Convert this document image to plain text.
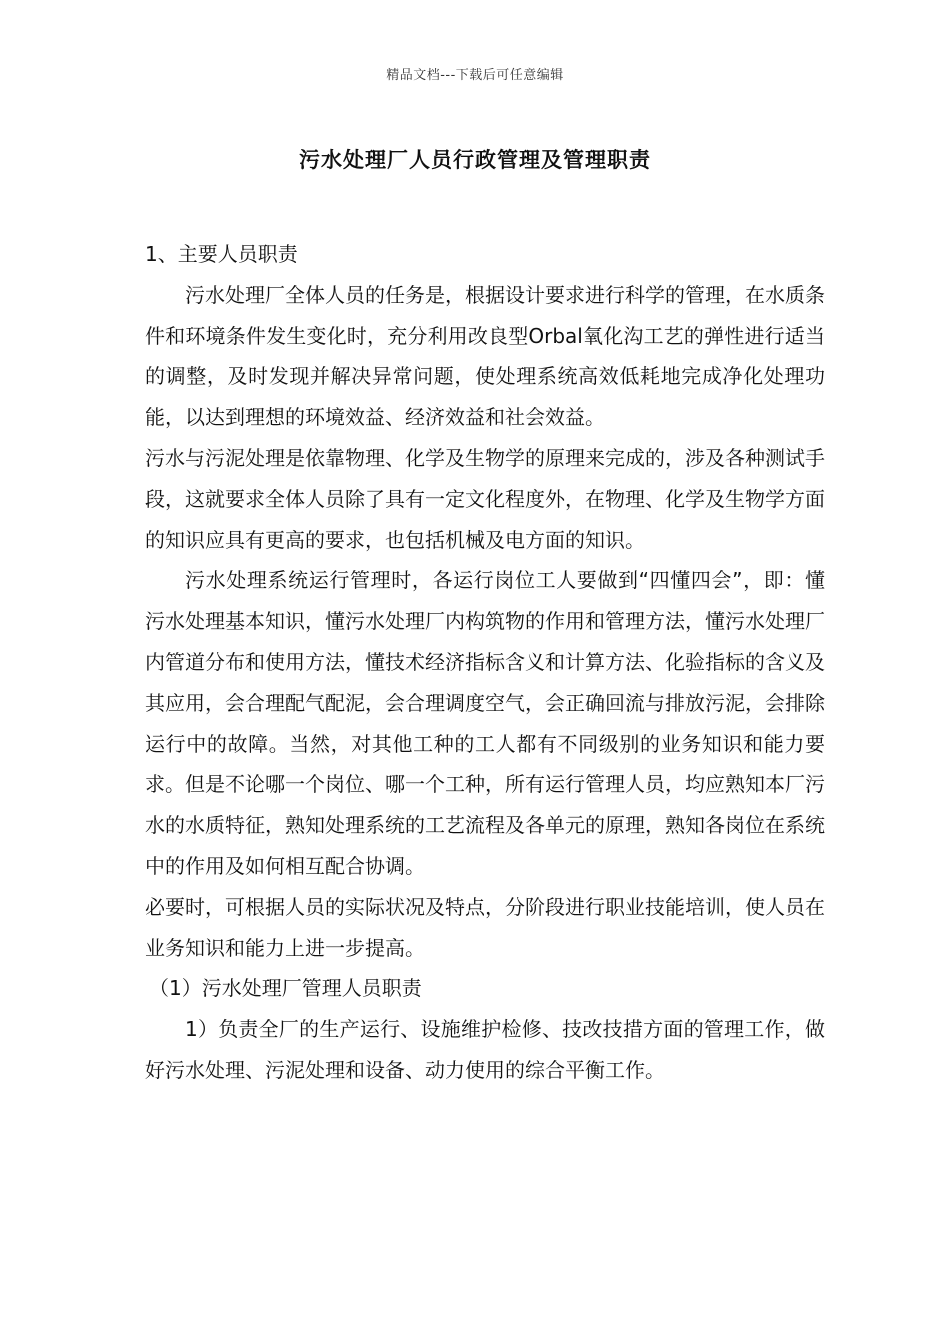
精品文档---下载后可任意编辑
污水处理厂人员行政管理及管理职责

1、主要人员职责

污水处理厂全体人员的任务是，根据设计要求进行科学的管理，在水质条件和环境条件发生变化时，充分利用改良型Orbal氧化沟工艺的弹性进行适当的调整，及时发现并解决异常问题，使处理系统高效低耗地完成净化处理功能，以达到理想的环境效益、经济效益和社会效益。

污水与污泥处理是依靠物理、化学及生物学的原理来完成的，涉及各种测试手段，这就要求全体人员除了具有一定文化程度外，在物理、化学及生物学方面的知识应具有更高的要求，也包括机械及电方面的知识。

污水处理系统运行管理时，各运行岗位工人要做到“四懂四会”，即：懂污水处理基本知识，懂污水处理厂内构筑物的作用和管理方法，懂污水处理厂内管道分布和使用方法，懂技术经济指标含义和计算方法、化验指标的含义及其应用，会合理配气配泥，会合理调度空气，会正确回流与排放污泥，会排除运行中的故障。当然，对其他工种的工人都有不同级别的业务知识和能力要求。但是不论哪一个岗位、哪一个工种，所有运行管理人员，均应熟知本厂污水的水质特征，熟知处理系统的工艺流程及各单元的原理，熟知各岗位在系统中的作用及如何相互配合协调。

必要时，可根据人员的实际状况及特点，分阶段进行职业技能培训，使人员在业务知识和能力上进一步提高。

（1）污水处理厂管理人员职责

1）负责全厂的生产运行、设施维护检修、技改技措方面的管理工作，做好污水处理、污泥处理和设备、动力使用的综合平衡工作。
